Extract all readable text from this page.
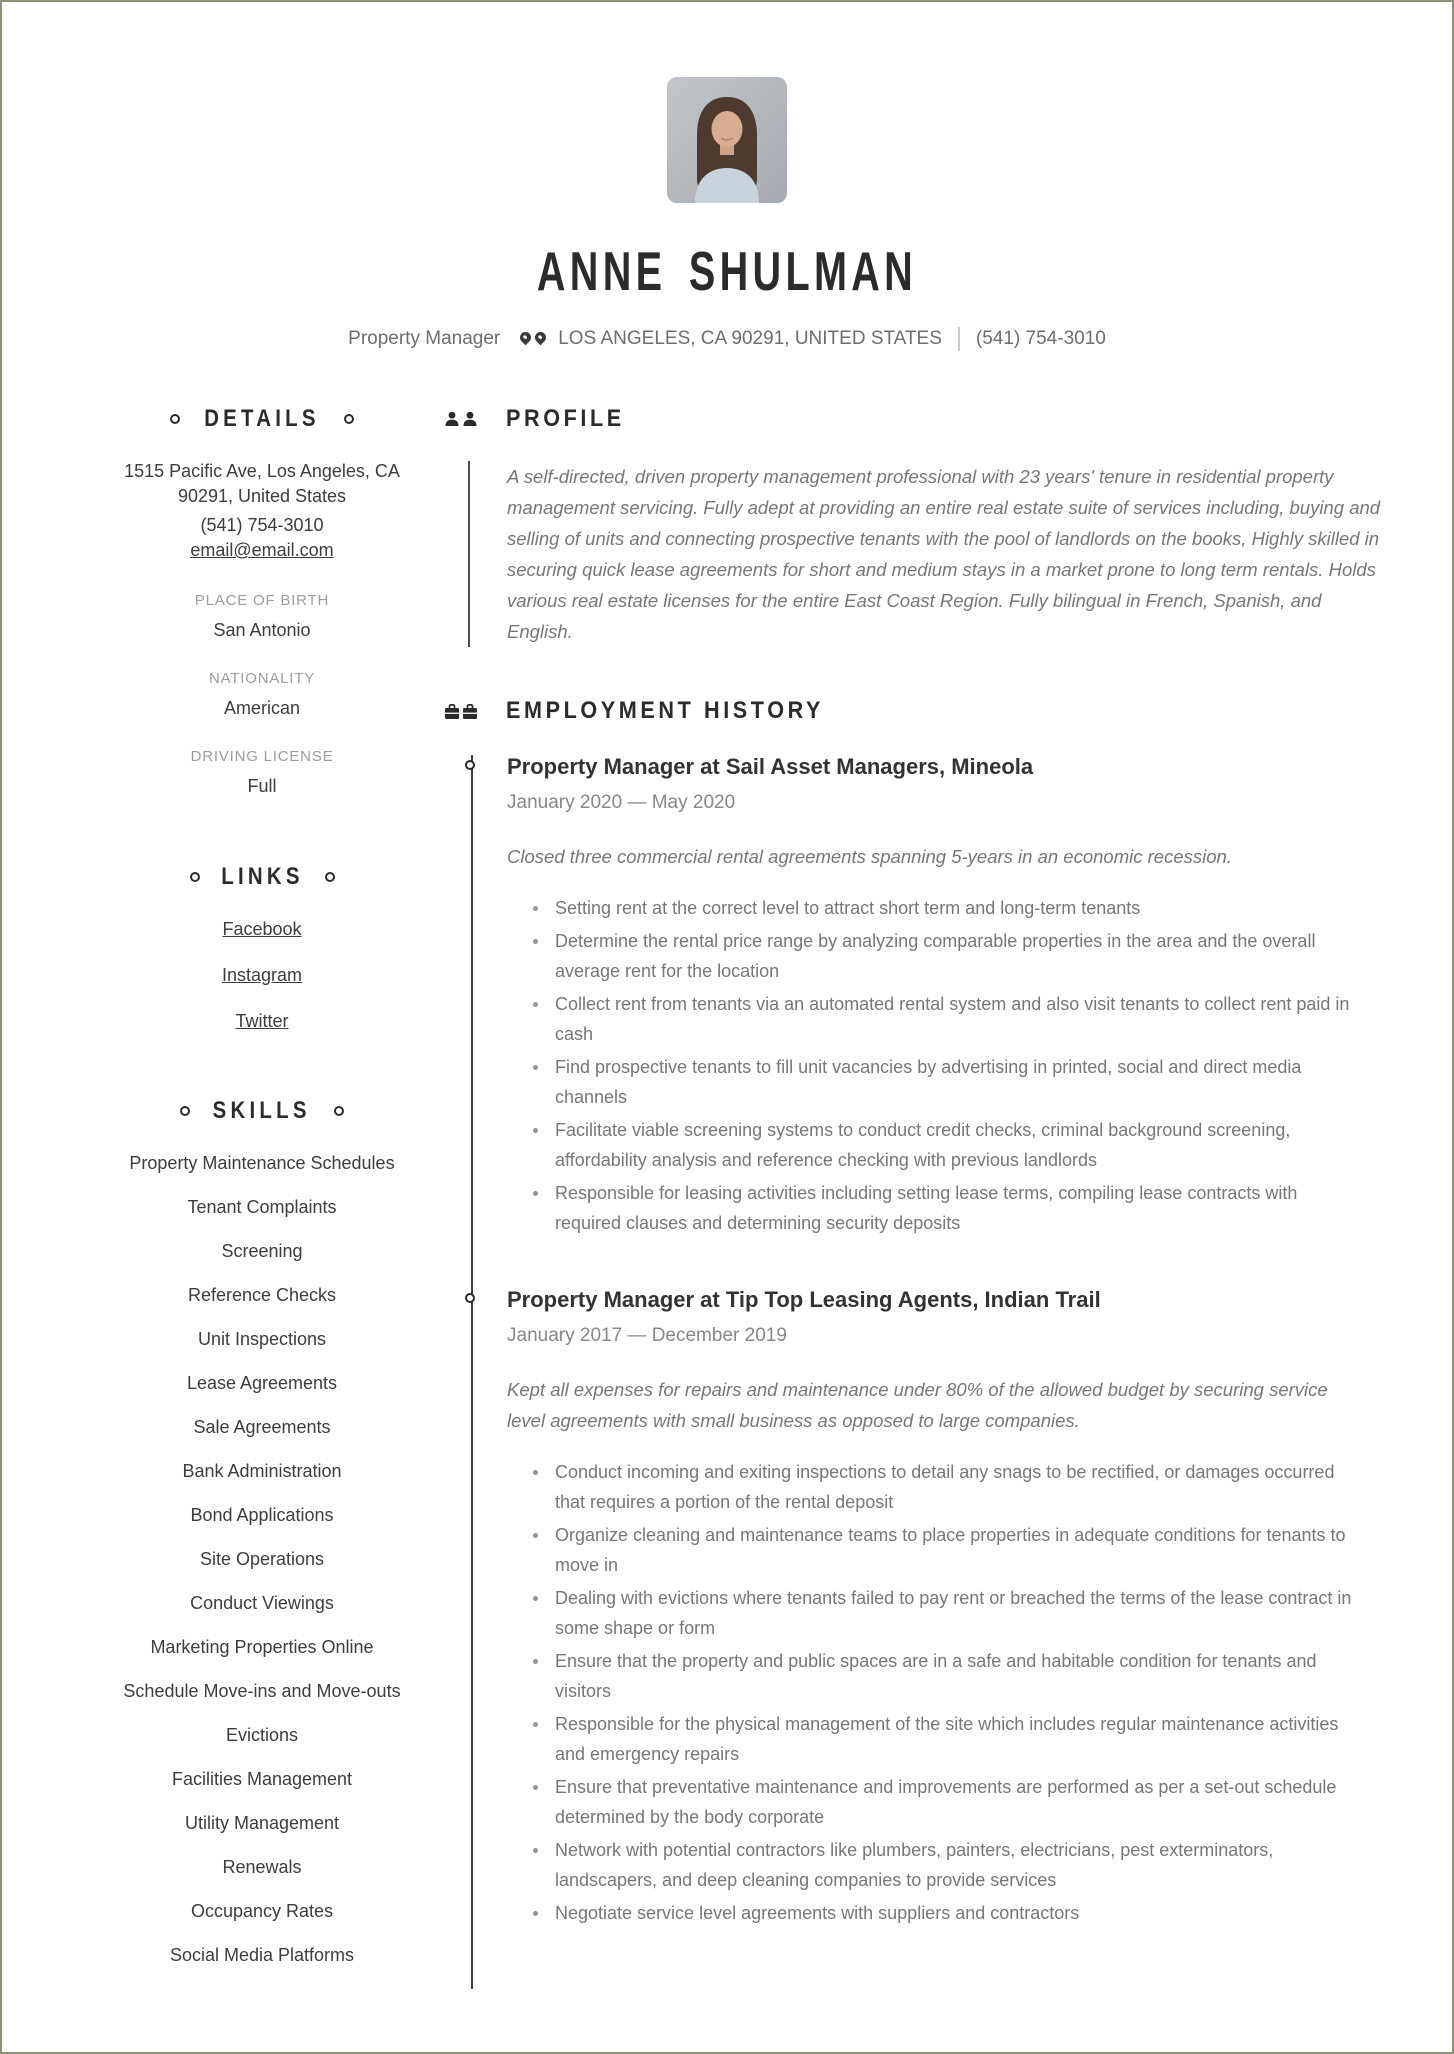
ANNE SHULMAN
Property Manager	LOS ANGELES, CA 90291, UNITED STATES (541) 754-3010
DETAILS

1515 Pacific Ave, Los Angeles, CA

90291, United States

(541) 754-3010

email@email.com

PLACE OF BIRTH

San Antonio

NATIONALITY

American

DRIVING LICENSE

Full

LINKS
Facebook
Instagram
Twitter
SKILLS
Property Maintenance Schedules
Tenant Complaints
Screening
Reference Checks
Unit Inspections
Lease Agreements
Sale Agreements
Bank Administration
Bond Applications
Site Operations
Conduct Viewings
Marketing Properties Online
Schedule Move-ins and Move-outs
Evictions
Facilities Management
Utility Management
Renewals
Occupancy Rates
Social Media Platforms
PROFILE

A self-directed, driven property management professional with 23 years' tenure in residential property management servicing. Fully adept at providing an entire real estate suite of services including, buying and selling of units and connecting prospective tenants with the pool of landlords on the books, Highly skilled in securing quick lease agreements for short and medium stays in a market prone to long term rentals. Holds various real estate licenses for the entire East Coast Region. Fully bilingual in French, Spanish, and English.

EMPLOYMENT HISTORY
Property Manager at Sail Asset Managers, Mineola
January 2020 — May 2020

Closed three commercial rental agreements spanning 5-years in an economic recession.

Setting rent at the correct level to attract short term and long-term tenants
Determine the rental price range by analyzing comparable properties in the area and the overall average rent for the location
Collect rent from tenants via an automated rental system and also visit tenants to collect rent paid in cash
Find prospective tenants to fill unit vacancies by advertising in printed, social and direct media channels
Facilitate viable screening systems to conduct credit checks, criminal background screening, affordability analysis and reference checking with previous landlords
Responsible for leasing activities including setting lease terms, compiling lease contracts with required clauses and determining security deposits
Property Manager at Tip Top Leasing Agents, Indian Trail
January 2017 — December 2019

Kept all expenses for repairs and maintenance under 80% of the allowed budget by securing service level agreements with small business as opposed to large companies.

Conduct incoming and exiting inspections to detail any snags to be rectified, or damages occurred that requires a portion of the rental deposit
Organize cleaning and maintenance teams to place properties in adequate conditions for tenants to move in
Dealing with evictions where tenants failed to pay rent or breached the terms of the lease contract in some shape or form
Ensure that the property and public spaces are in a safe and habitable condition for tenants and visitors
Responsible for the physical management of the site which includes regular maintenance activities and emergency repairs
Ensure that preventative maintenance and improvements are performed as per a set-out schedule determined by the body corporate
Network with potential contractors like plumbers, painters, electricians, pest exterminators, landscapers, and deep cleaning companies to provide services
Negotiate service level agreements with suppliers and contractors
